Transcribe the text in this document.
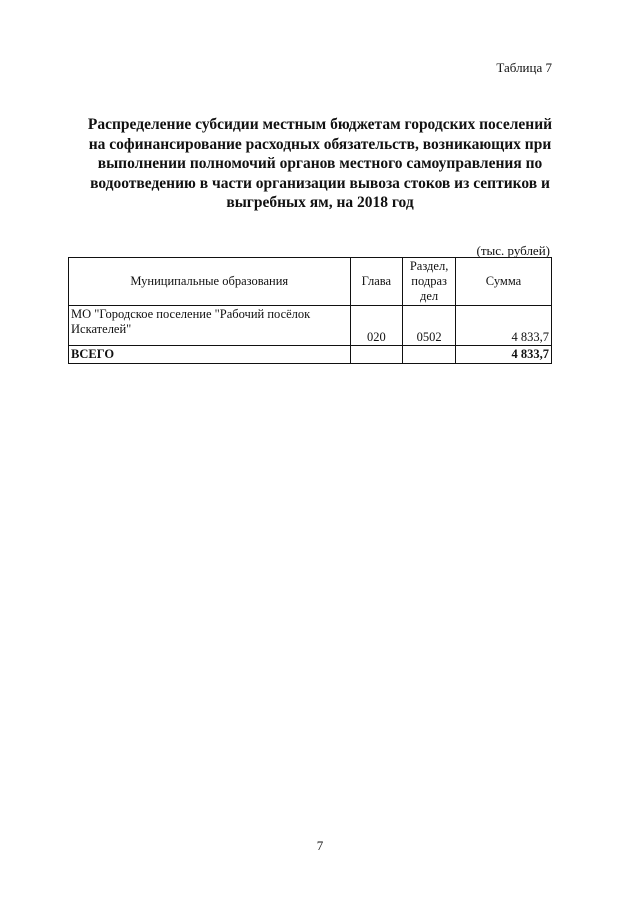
Таблица 7
Распределение субсидии местным бюджетам городских поселений
на софинансирование расходных обязательств, возникающих при
выполнении полномочий органов местного самоуправления по
водоотведению в части организации вывоза стоков из септиков и
выгребных ям, на 2018 год
(тыс. рублей)
Муниципальные образования	Глава	Раздел,
подраз
дел	Сумма
МО "Городское поселение "Рабочий посёлок
Искателей"	020	0502	4 833,7
ВСЕГО			4 833,7
7
